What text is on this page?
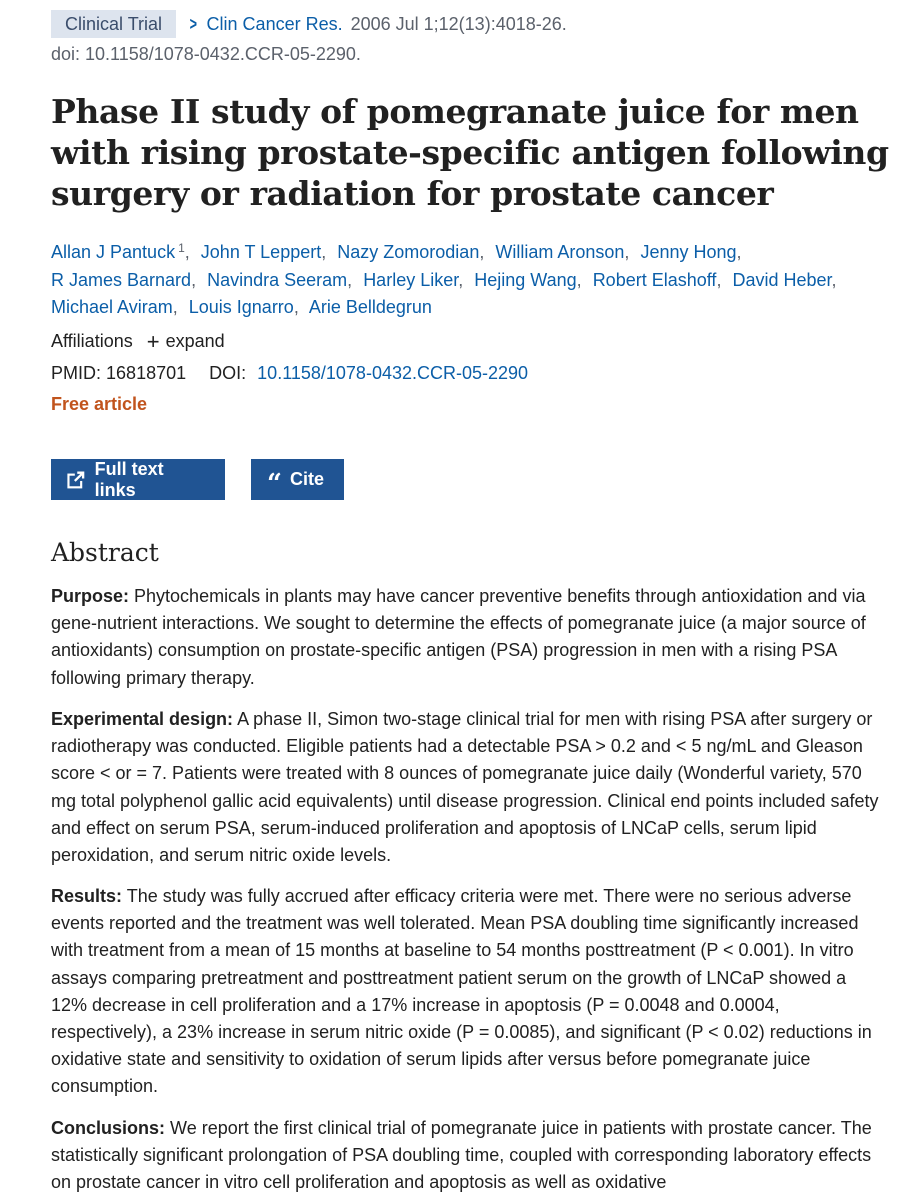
Clinical Trial	> Clin Cancer Res. 2006 Jul 1;12(13):4018-26.
doi: 10.1158/1078-0432.CCR-05-2290.
Phase II study of pomegranate juice for men with rising prostate-specific antigen following surgery or radiation for prostate cancer
Allan J Pantuck $^1$, John T Leppert, Nazy Zomorodian, William Aronson, Jenny Hong,
R James Barnard, Navindra Seeram, Harley Liker, Hejing Wang, Robert Elashoff, David Heber,
Michael Aviram, Louis Ignarro, Arie Belldegrun
Affiliations + expand
PMID: 16818701 DOI: 10.1158/1078-0432.CCR-05-2290
Free article
Full text links	“ Cite
Abstract

Purpose: Phytochemicals in plants may have cancer preventive benefits through antioxidation and via gene-nutrient interactions. We sought to determine the effects of pomegranate juice (a major source of antioxidants) consumption on prostate-specific antigen (PSA) progression in men with a rising PSA following primary therapy.

Experimental design: A phase II, Simon two-stage clinical trial for men with rising PSA after surgery or radiotherapy was conducted. Eligible patients had a detectable PSA > 0.2 and < 5 ng/mL and Gleason score < or = 7. Patients were treated with 8 ounces of pomegranate juice daily (Wonderful variety, 570 mg total polyphenol gallic acid equivalents) until disease progression. Clinical end points included safety and effect on serum PSA, serum-induced proliferation and apoptosis of LNCaP cells, serum lipid peroxidation, and serum nitric oxide levels.

Results: The study was fully accrued after efficacy criteria were met. There were no serious adverse events reported and the treatment was well tolerated. Mean PSA doubling time significantly increased with treatment from a mean of 15 months at baseline to 54 months posttreatment (P < 0.001). In vitro assays comparing pretreatment and posttreatment patient serum on the growth of LNCaP showed a 12% decrease in cell proliferation and a 17% increase in apoptosis (P = 0.0048 and 0.0004, respectively), a 23% increase in serum nitric oxide (P = 0.0085), and significant (P < 0.02) reductions in oxidative state and sensitivity to oxidation of serum lipids after versus before pomegranate juice consumption.

Conclusions: We report the first clinical trial of pomegranate juice in patients with prostate cancer. The statistically significant prolongation of PSA doubling time, coupled with corresponding laboratory effects on prostate cancer in vitro cell proliferation and apoptosis as well as oxidative
